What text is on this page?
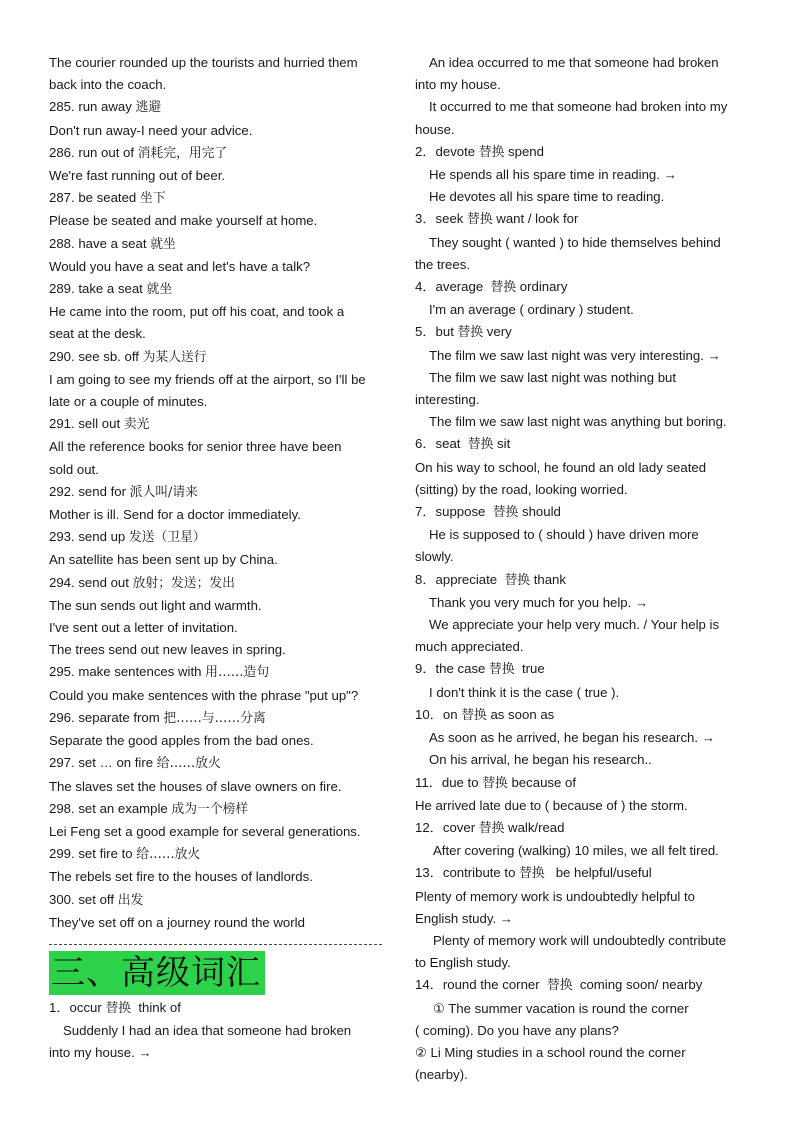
The courier rounded up the tourists and hurried them
back into the coach.
285. run away 逃避
Don't run away-I need your advice.
286. run out of 消耗完，用完了
We're fast running out of beer.
287. be seated 坐下
Please be seated and make yourself at home.
288. have a seat 就坐
Would you have a seat and let's have a talk?
289. take a seat 就坐
He came into the room, put off his coat, and took a
seat at the desk.
290. see sb. off 为某人送行
I am going to see my friends off at the airport, so I'll be
late or a couple of minutes.
291. sell out 卖光
All the reference books for senior three have been
sold out.
292. send for 派人叫/请来
Mother is ill. Send for a doctor immediately.
293. send up 发送（卫星）
An satellite has been sent up by China.
294. send out 放射；发送；发出
The sun sends out light and warmth.
I've sent out a letter of invitation.
The trees send out new leaves in spring.
295. make sentences with 用……造句
Could you make sentences with the phrase "put up"?
296. separate from 把……与……分离
Separate the good apples from the bad ones.
297. set … on fire 给……放火
The slaves set the houses of slave owners on fire.
298. set an example 成为一个榜样
Lei Feng set a good example for several generations.
299. set fire to 给……放火
The rebels set fire to the houses of landlords.
300. set off 出发
They've set off on a journey round the world
三、高级词汇
1．occur 替换  think of
Suddenly I had an idea that someone had broken
into my house. →
An idea occurred to me that someone had broken
into my house.
It occurred to me that someone had broken into my
house.
2．devote 替换 spend
He spends all his spare time in reading. →
He devotes all his spare time to reading.
3．seek 替换 want / look for
They sought ( wanted ) to hide themselves behind
the trees.
4．average  替换 ordinary
I'm an average ( ordinary ) student.
5．but 替换 very
The film we saw last night was very interesting. →
The film we saw last night was nothing but
interesting.
The film we saw last night was anything but boring.
6．seat  替换 sit
On his way to school, he found an old lady seated
(sitting) by the road, looking worried.
7．suppose  替换 should
He is supposed to ( should ) have driven more
slowly.
8．appreciate  替换 thank
Thank you very much for you help. →
We appreciate your help very much. / Your help is
much appreciated.
9．the case 替换  true
I don't think it is the case ( true ).
10．on 替换 as soon as
As soon as he arrived, he began his research. →
On his arrival, he began his research..
11．due to 替换 because of
He arrived late due to ( because of ) the storm.
12．cover 替换 walk/read
After covering (walking) 10 miles, we all felt tired.
13．contribute to 替换   be helpful/useful
Plenty of memory work is undoubtedly helpful to
English study. →
Plenty of memory work will undoubtedly contribute
to English study.
14．round the corner  替换  coming soon/ nearby
① The summer vacation is round the corner
( coming). Do you have any plans?
② Li Ming studies in a school round the corner
(nearby).
